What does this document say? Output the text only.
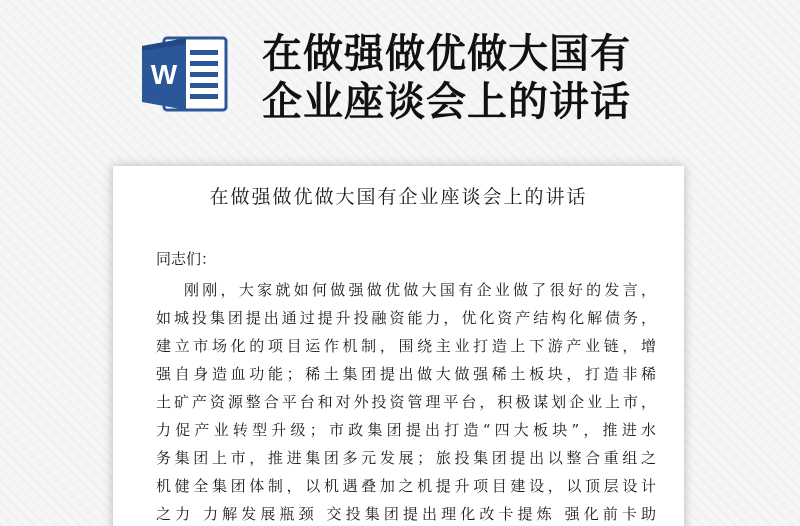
W 在做强做优做大国有
企业座谈会上的讲话
在做强做优做大国有企业座谈会上的讲话
同志们：
刚刚，大家就如何做强做优做大国有企业做了很好的发言，
如城投集团提出通过提升投融资能力，优化资产结构化解债务，
建立市场化的项目运作机制，围绕主业打造上下游产业链，增
强自身造血功能；稀土集团提出做大做强稀土板块，打造非稀
土矿产资源整合平台和对外投资管理平台，积极谋划企业上市，
力促产业转型升级；市政集团提出打造“四大板块”，推进水
务集团上市，推进集团多元发展；旅投集团提出以整合重组之
机健全集团体制，以机遇叠加之机提升项目建设，以顶层设计
之力 力解发展瓶颈 交投集团提出理化改卡提炼 强化前卡助
